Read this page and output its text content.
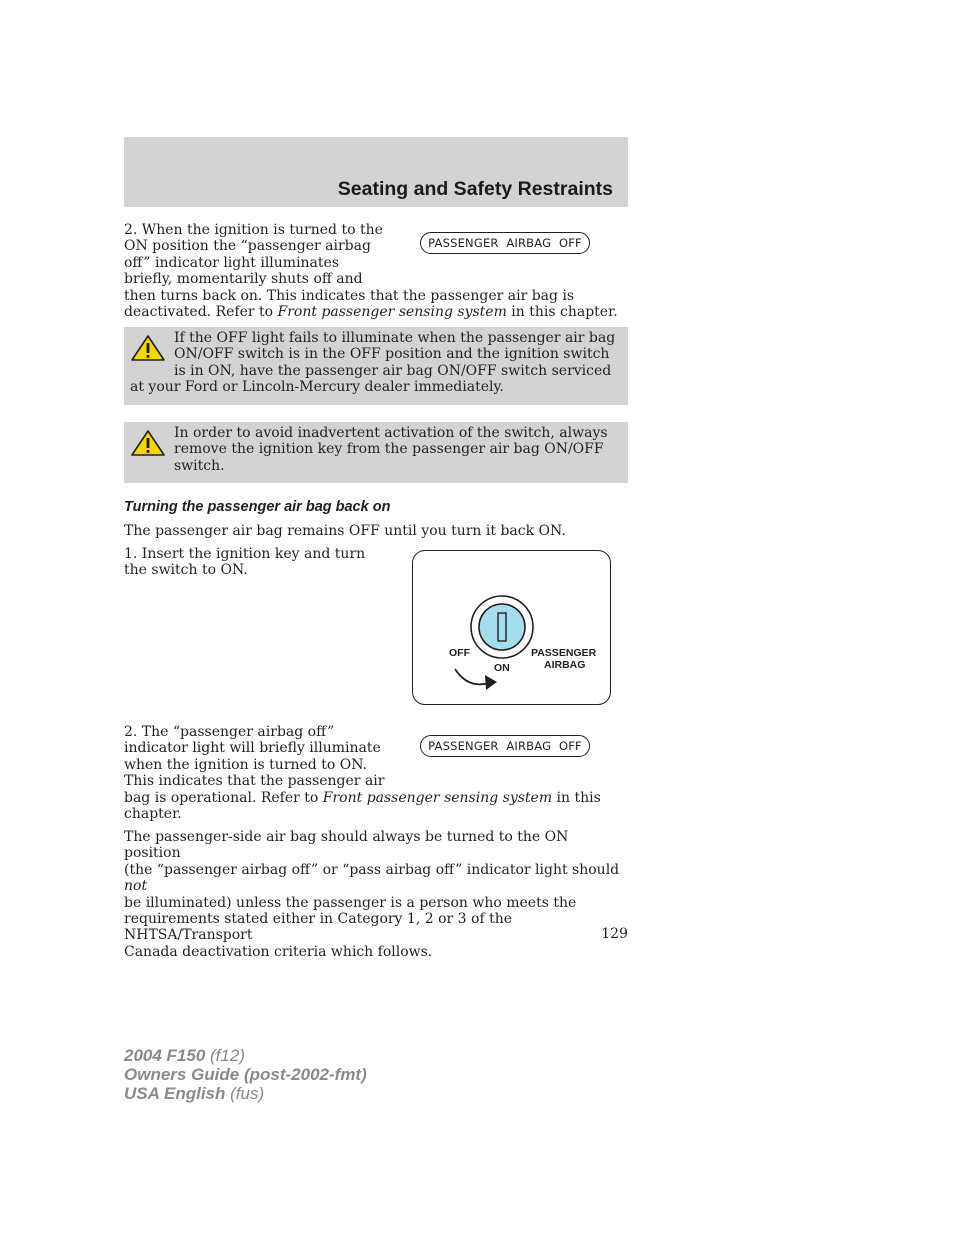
Seating and Safety Restraints

2. When the ignition is turned to the

ON position the “passenger airbag

off” indicator light illuminates

briefly, momentarily shuts off and

then turns back on. This indicates that the passenger air bag is

deactivated. Refer to Front passenger sensing system in this chapter.

PASSENGER  AIRBAG  OFF

If the OFF light fails to illuminate when the passenger air bag ON/OFF switch is in the OFF position and the ignition switch is in ON, have the passenger air bag ON/OFF switch serviced at your Ford or Lincoln-Mercury dealer immediately.

In order to avoid inadvertent activation of the switch, always remove the ignition key from the passenger air bag ON/OFF switch.

Turning the passenger air bag back on
The passenger air bag remains OFF until you turn it back ON.

1. Insert the ignition key and turn

the switch to ON.

OFF
ON
PASSENGER
AIRBAG

2. The “passenger airbag off”

indicator light will briefly illuminate

when the ignition is turned to ON.

This indicates that the passenger air

bag is operational. Refer to Front passenger sensing system in this

chapter.

PASSENGER  AIRBAG  OFF

The passenger-side air bag should always be turned to the ON position

(the “passenger airbag off” or “pass airbag off” indicator light should not

be illuminated) unless the passenger is a person who meets the

requirements stated either in Category 1, 2 or 3 of the NHTSA/Transport

Canada deactivation criteria which follows.

129

2004 F150 (f12)

Owners Guide (post-2002-fmt)

USA English (fus)
